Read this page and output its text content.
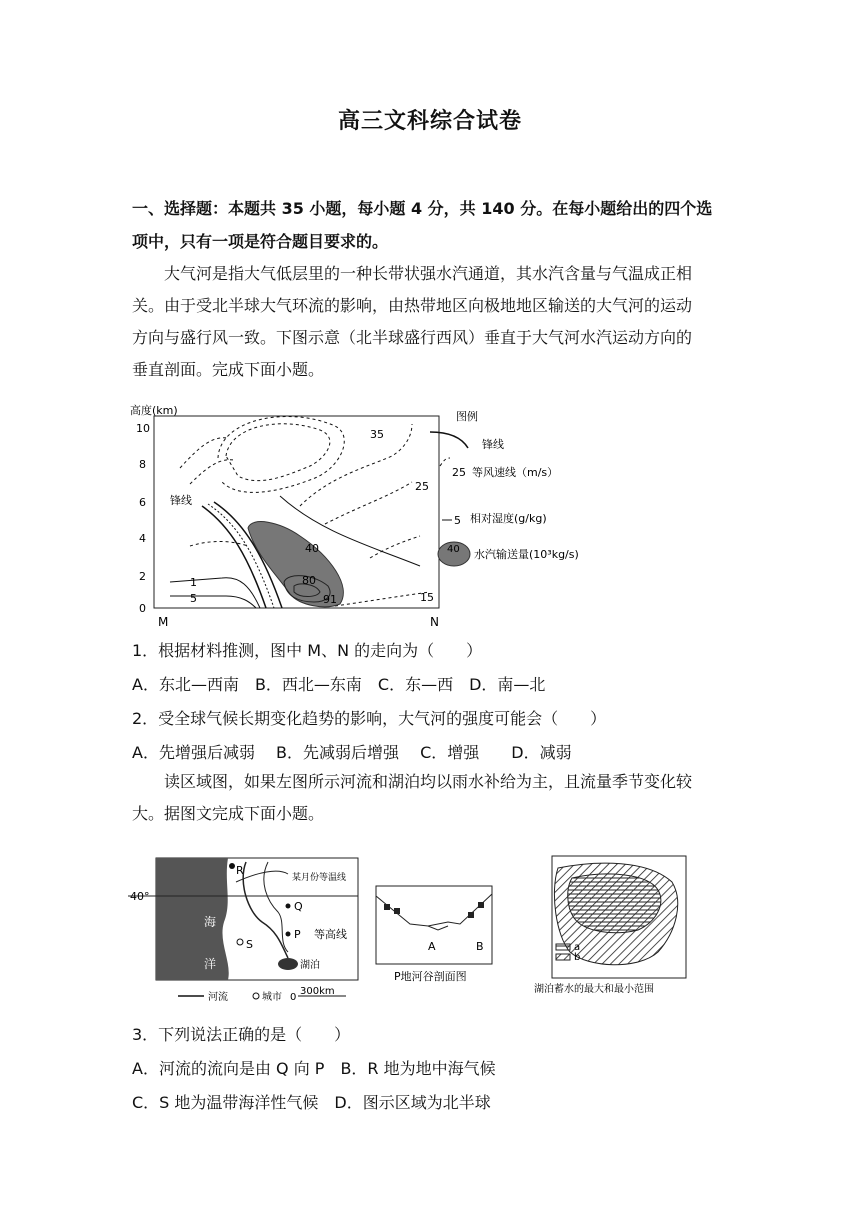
高三文科综合试卷
一、选择题：本题共 35 小题，每小题 4 分，共 140 分。在每小题给出的四个选
项中，只有一项是符合题目要求的。

大气河是指大气低层里的一种长带状强水汽通道，其水汽含量与气温成正相

关。由于受北半球大气环流的影响，由热带地区向极地地区输送的大气河的运动

方向与盛行风一致。下图示意（北半球盛行西风）垂直于大气河水汽运动方向的

垂直剖面。完成下面小题。

高度(km)
10
8
6
4
2
0
M	N
锋线
35
25
15
1
5
40
80
91
图例
锋线
25 等风速线（m/s）
5 相对湿度(g/kg)
40 水汽输送量(10³kg/s)
1．根据材料推测，图中 M、N 的走向为（　　）
A．东北—西南　B．西北—东南　C．东—西　D．南—北
2．受全球气候长期变化趋势的影响，大气河的强度可能会（　　）
A．先增强后减弱　 B．先减弱后增强　 C．增强　　D．减弱

读区域图，如果左图所示河流和湖泊均以雨水补给为主，且流量季节变化较

大。据图文完成下面小题。

海
洋
40°
R
某月份等温线
Q
P 等高线
S
湖泊
河流	城市 0
300km
A	B
P地河谷剖面图
a
b
湖泊蓄水的最大和最小范围
3．下列说法正确的是（　　）
A．河流的流向是由 Q 向 P　B．R 地为地中海气候
C．S 地为温带海洋性气候　D．图示区域为北半球
